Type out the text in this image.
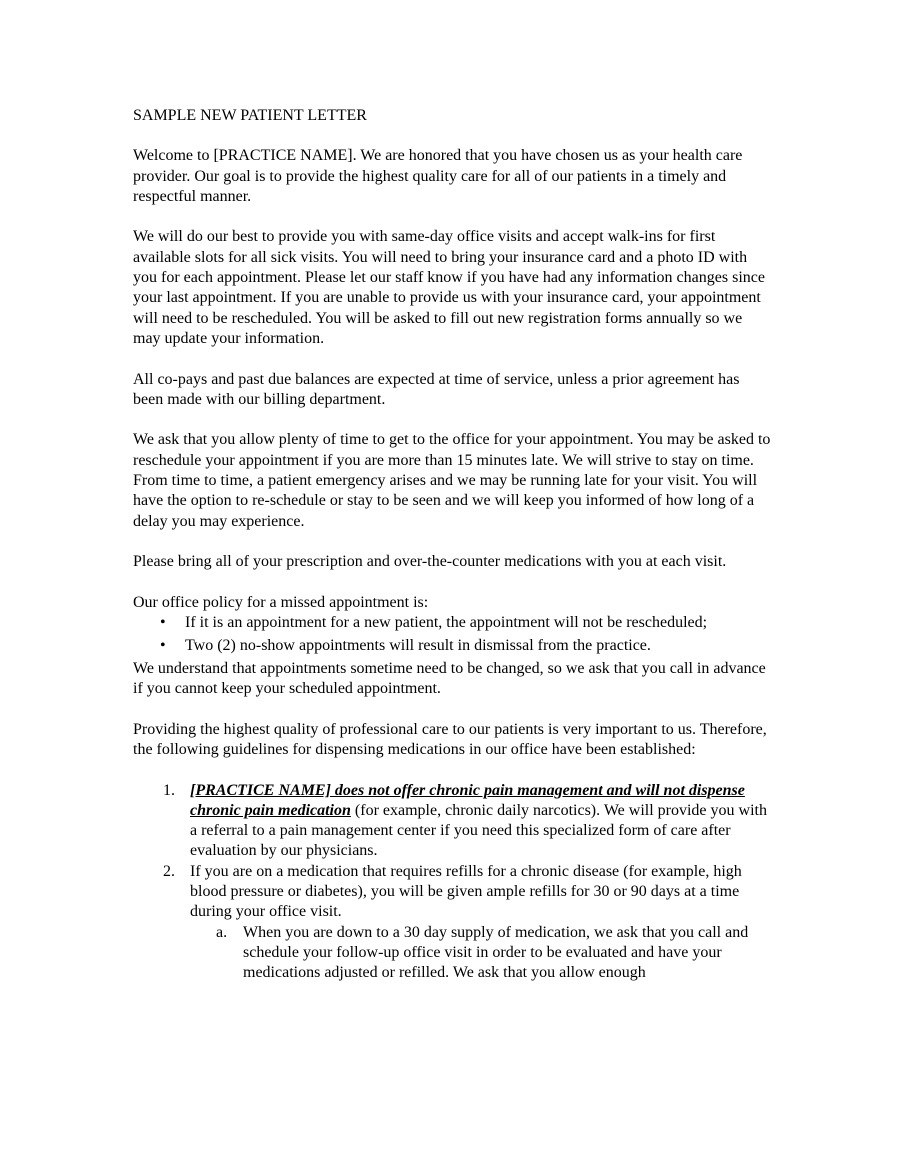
SAMPLE NEW PATIENT LETTER

Welcome to [PRACTICE NAME]. We are honored that you have chosen us as your health care provider. Our goal is to provide the highest quality care for all of our patients in a timely and respectful manner.

We will do our best to provide you with same-day office visits and accept walk-ins for first available slots for all sick visits. You will need to bring your insurance card and a photo ID with you for each appointment. Please let our staff know if you have had any information changes since your last appointment. If you are unable to provide us with your insurance card, your appointment will need to be rescheduled. You will be asked to fill out new registration forms annually so we may update your information.

All co-pays and past due balances are expected at time of service, unless a prior agreement has been made with our billing department.

We ask that you allow plenty of time to get to the office for your appointment. You may be asked to reschedule your appointment if you are more than 15 minutes late. We will strive to stay on time. From time to time, a patient emergency arises and we may be running late for your visit. You will have the option to re-schedule or stay to be seen and we will keep you informed of how long of a delay you may experience.

Please bring all of your prescription and over-the-counter medications with you at each visit.

Our office policy for a missed appointment is:

• If it is an appointment for a new patient, the appointment will not be rescheduled;
• Two (2) no-show appointments will result in dismissal from the practice.

We understand that appointments sometime need to be changed, so we ask that you call in advance if you cannot keep your scheduled appointment.

Providing the highest quality of professional care to our patients is very important to us. Therefore, the following guidelines for dispensing medications in our office have been established:

1. [PRACTICE NAME] does not offer chronic pain management and will not dispense chronic pain medication (for example, chronic daily narcotics). We will provide you with a referral to a pain management center if you need this specialized form of care after evaluation by our physicians.
2. If you are on a medication that requires refills for a chronic disease (for example, high blood pressure or diabetes), you will be given ample refills for 30 or 90 days at a time during your office visit.
a. When you are down to a 30 day supply of medication, we ask that you call and schedule your follow-up office visit in order to be evaluated and have your medications adjusted or refilled. We ask that you allow enough
